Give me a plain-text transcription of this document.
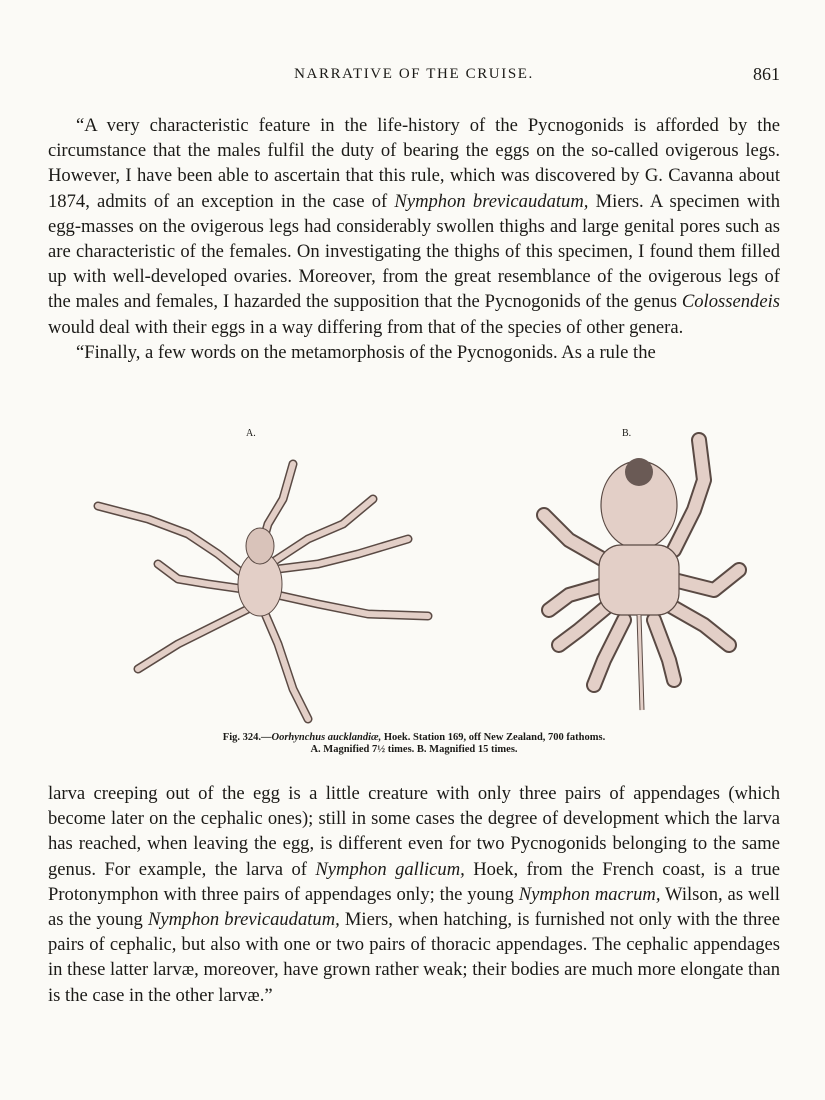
NARRATIVE OF THE CRUISE.	861

“A very characteristic feature in the life-history of the Pycnogonids is afforded by the circumstance that the males fulfil the duty of bearing the eggs on the so-called ovigerous legs. However, I have been able to ascertain that this rule, which was discovered by G. Cavanna about 1874, admits of an exception in the case of Nymphon brevicaudatum, Miers. A specimen with egg-masses on the ovigerous legs had considerably swollen thighs and large genital pores such as are characteristic of the females. On investigating the thighs of this specimen, I found them filled up with well-developed ovaries. Moreover, from the great resemblance of the ovigerous legs of the males and females, I hazarded the supposition that the Pycnogonids of the genus Colossendeis would deal with their eggs in a way differing from that of the species of other genera.

“Finally, a few words on the metamorphosis of the Pycnogonids. As a rule the

A.	B.
Fig. 324.—Oorhynchus aucklandiæ, Hoek. Station 169, off New Zealand, 700 fathoms.
A. Magnified 7½ times. B. Magnified 15 times.

larva creeping out of the egg is a little creature with only three pairs of appendages (which become later on the cephalic ones); still in some cases the degree of development which the larva has reached, when leaving the egg, is different even for two Pycnogonids belonging to the same genus. For example, the larva of Nymphon gallicum, Hoek, from the French coast, is a true Protonymphon with three pairs of appendages only; the young Nymphon macrum, Wilson, as well as the young Nymphon brevicaudatum, Miers, when hatching, is furnished not only with the three pairs of cephalic, but also with one or two pairs of thoracic appendages. The cephalic appendages in these latter larvæ, moreover, have grown rather weak; their bodies are much more elongate than is the case in the other larvæ.”
